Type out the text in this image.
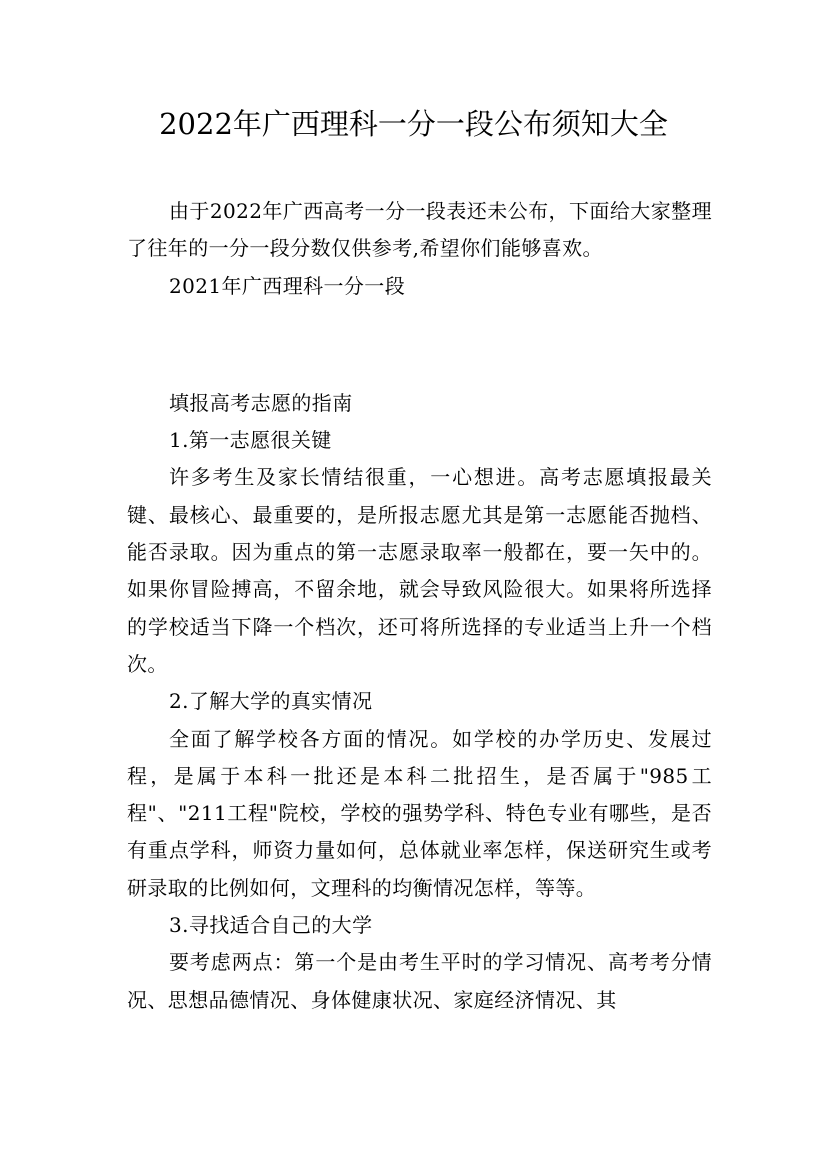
2022年广西理科一分一段公布须知大全

由于2022年广西高考一分一段表还未公布，下面给大家整理了往年的一分一段分数仅供参考,希望你们能够喜欢。

2021年广西理科一分一段

填报高考志愿的指南

1.第一志愿很关键

许多考生及家长情结很重，一心想进。高考志愿填报最关键、最核心、最重要的，是所报志愿尤其是第一志愿能否抛档、能否录取。因为重点的第一志愿录取率一般都在，要一矢中的。如果你冒险搏高，不留余地，就会导致风险很大。如果将所选择的学校适当下降一个档次，还可将所选择的专业适当上升一个档次。

2.了解大学的真实情况

全面了解学校各方面的情况。如学校的办学历史、发展过程，是属于本科一批还是本科二批招生，是否属于"985工程"、"211工程"院校，学校的强势学科、特色专业有哪些，是否有重点学科，师资力量如何，总体就业率怎样，保送研究生或考研录取的比例如何，文理科的均衡情况怎样，等等。

3.寻找适合自己的大学

要考虑两点：第一个是由考生平时的学习情况、高考考分情况、思想品德情况、身体健康状况、家庭经济情况、其
